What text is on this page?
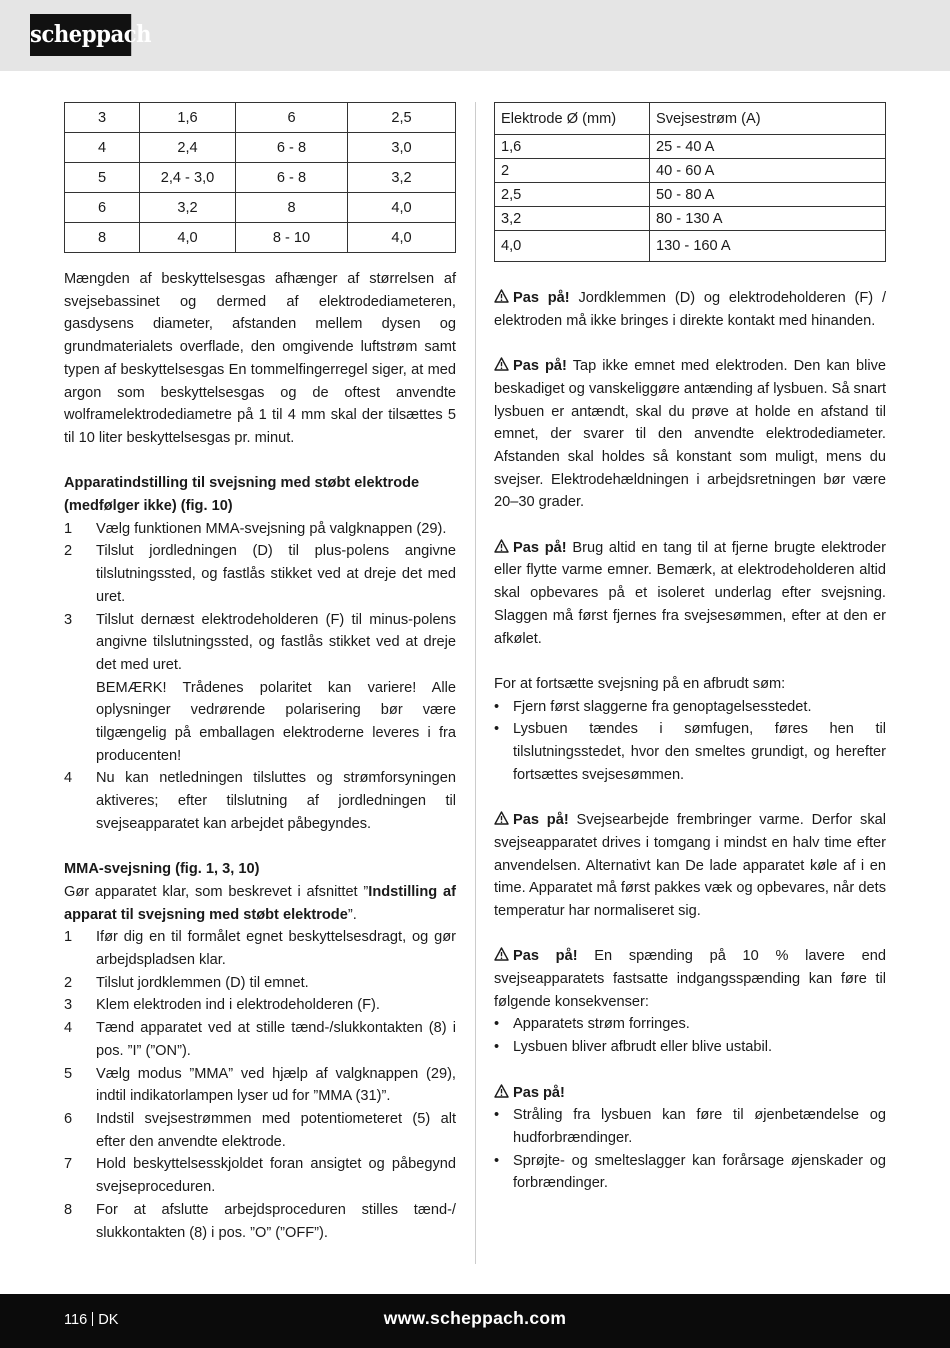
scheppach
3	1,6	6	2,5
4	2,4	6 - 8	3,0
5	2,4 - 3,0	6 - 8	3,2
6	3,2	8	4,0
8	4,0	8 - 10	4,0

Mængden af beskyttelsesgas afhænger af størrelsen af svejsebassinet og dermed af elektrodediameteren, gasdysens diameter, afstanden mellem dysen og grundmaterialets overflade, den omgivende luftstrøm samt typen af beskyttelsesgas En tommelfingerregel siger, at med argon som beskyttelsesgas og de oftest anvendte wolframelektrodediametre på 1 til 4 mm skal der tilsættes 5 til 10 liter beskyttelsesgas pr. minut.

Apparatindstilling til svejsning med støbt elektrode (medfølger ikke) (fig. 10)

1	Vælg funktionen MMA-svejsning på valgknappen (29).
2	Tilslut jordledningen (D) til plus-polens angivne tilslutningssted, og fastlås stikket ved at dreje det med uret.
3	Tilslut dernæst elektrodeholderen (F) til minus-polens angivne tilslutningssted, og fastlås stikket ved at dreje det med uret.
BEMÆRK! Trådenes polaritet kan variere! Alle oplysninger vedrørende polarisering bør være tilgængelig på emballagen elektroderne leveres i fra producenten!
4	Nu kan netledningen tilsluttes og strømforsyningen aktiveres; efter tilslutning af jordledningen til svejseapparatet kan arbejdet påbegyndes.

MMA-svejsning (fig. 1, 3, 10)

Gør apparatet klar, som beskrevet i afsnittet ”Indstilling af apparat til svejsning med støbt elektrode”.

1	Ifør dig en til formålet egnet beskyttelsesdragt, og gør arbejdspladsen klar.
2	Tilslut jordklemmen (D) til emnet.
3	Klem elektroden ind i elektrodeholderen (F).
4	Tænd apparatet ved at stille tænd-/slukkontakten (8) i pos. ”I” (”ON”).
5	Vælg modus ”MMA” ved hjælp af valgknappen (29), indtil indikatorlampen lyser ud for ”MMA (31)”.
6	Indstil svejsestrømmen med potentiometeret (5) alt efter den anvendte elektrode.
7	Hold beskyttelsesskjoldet foran ansigtet og påbegynd svejseproceduren.
8	For at afslutte arbejdsproceduren stilles tænd-/ slukkontakten (8) i pos. ”O” (”OFF”).
Elektrode Ø (mm)	Svejsestrøm (A)
1,6	25 - 40 A
2	40 - 60 A
2,5	50 - 80 A
3,2	80 - 130 A
4,0	130 - 160 A

Pas på! Jordklemmen (D) og elektrodeholderen (F) / elektroden må ikke bringes i direkte kontakt med hinanden.

Pas på! Tap ikke emnet med elektroden. Den kan blive beskadiget og vanskeliggøre antænding af lysbuen. Så snart lysbuen er antændt, skal du prøve at holde en afstand til emnet, der svarer til den anvendte elektrodediameter. Afstanden skal holdes så konstant som muligt, mens du svejser. Elektrodehældningen i arbejdsretningen bør være 20–30 grader.

Pas på! Brug altid en tang til at fjerne brugte elektroder eller flytte varme emner. Bemærk, at elektrodeholderen altid skal opbevares på et isoleret underlag efter svejsning. Slaggen må først fjernes fra svejsesømmen, efter at den er afkølet.

For at fortsætte svejsning på en afbrudt søm:

• Fjern først slaggerne fra genoptagelsesstedet.
• Lysbuen tændes i sømfugen, føres hen til tilslutningsstedet, hvor den smeltes grundigt, og herefter fortsættes svejsesømmen.

Pas på! Svejsearbejde frembringer varme. Derfor skal svejseapparatet drives i tomgang i mindst en halv time efter anvendelsen. Alternativt kan De lade apparatet køle af i en time. Apparatet må først pakkes væk og opbevares, når dets temperatur har normaliseret sig.

Pas på! En spænding på 10 % lavere end svejseapparatets fastsatte indgangsspænding kan føre til følgende konsekvenser:

• Apparatets strøm forringes.
• Lysbuen bliver afbrudt eller blive ustabil.

Pas på!

• Stråling fra lysbuen kan føre til øjenbetændelse og hudforbrændinger.
• Sprøjte- og smelteslagger kan forårsage øjenskader og forbrændinger.
116 DK	www.scheppach.com
